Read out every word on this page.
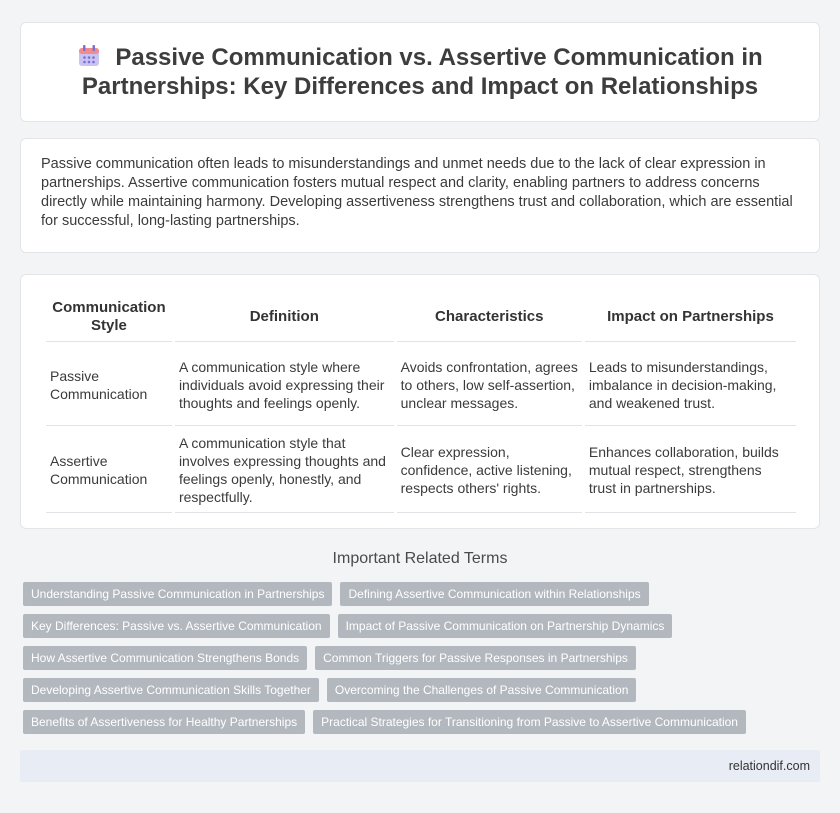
Passive Communication vs. Assertive Communication in Partnerships: Key Differences and Impact on Relationships

Passive communication often leads to misunderstandings and unmet needs due to the lack of clear expression in partnerships. Assertive communication fosters mutual respect and clarity, enabling partners to address concerns directly while maintaining harmony. Developing assertiveness strengthens trust and collaboration, which are essential for successful, long-lasting partnerships.

Communication Style	Definition	Characteristics	Impact on Partnerships
Passive Communication	A communication style where individuals avoid expressing their thoughts and feelings openly.	Avoids confrontation, agrees to others, low self-assertion, unclear messages.	Leads to misunderstandings, imbalance in decision-making, and weakened trust.
Assertive Communication	A communication style that involves expressing thoughts and feelings openly, honestly, and respectfully.	Clear expression, confidence, active listening, respects others' rights.	Enhances collaboration, builds mutual respect, strengthens trust in partnerships.
Important Related Terms
Understanding Passive Communication in Partnerships	Defining Assertive Communication within Relationships
Key Differences: Passive vs. Assertive Communication	Impact of Passive Communication on Partnership Dynamics
How Assertive Communication Strengthens Bonds	Common Triggers for Passive Responses in Partnerships
Developing Assertive Communication Skills Together	Overcoming the Challenges of Passive Communication
Benefits of Assertiveness for Healthy Partnerships	Practical Strategies for Transitioning from Passive to Assertive Communication
relationdif.com
